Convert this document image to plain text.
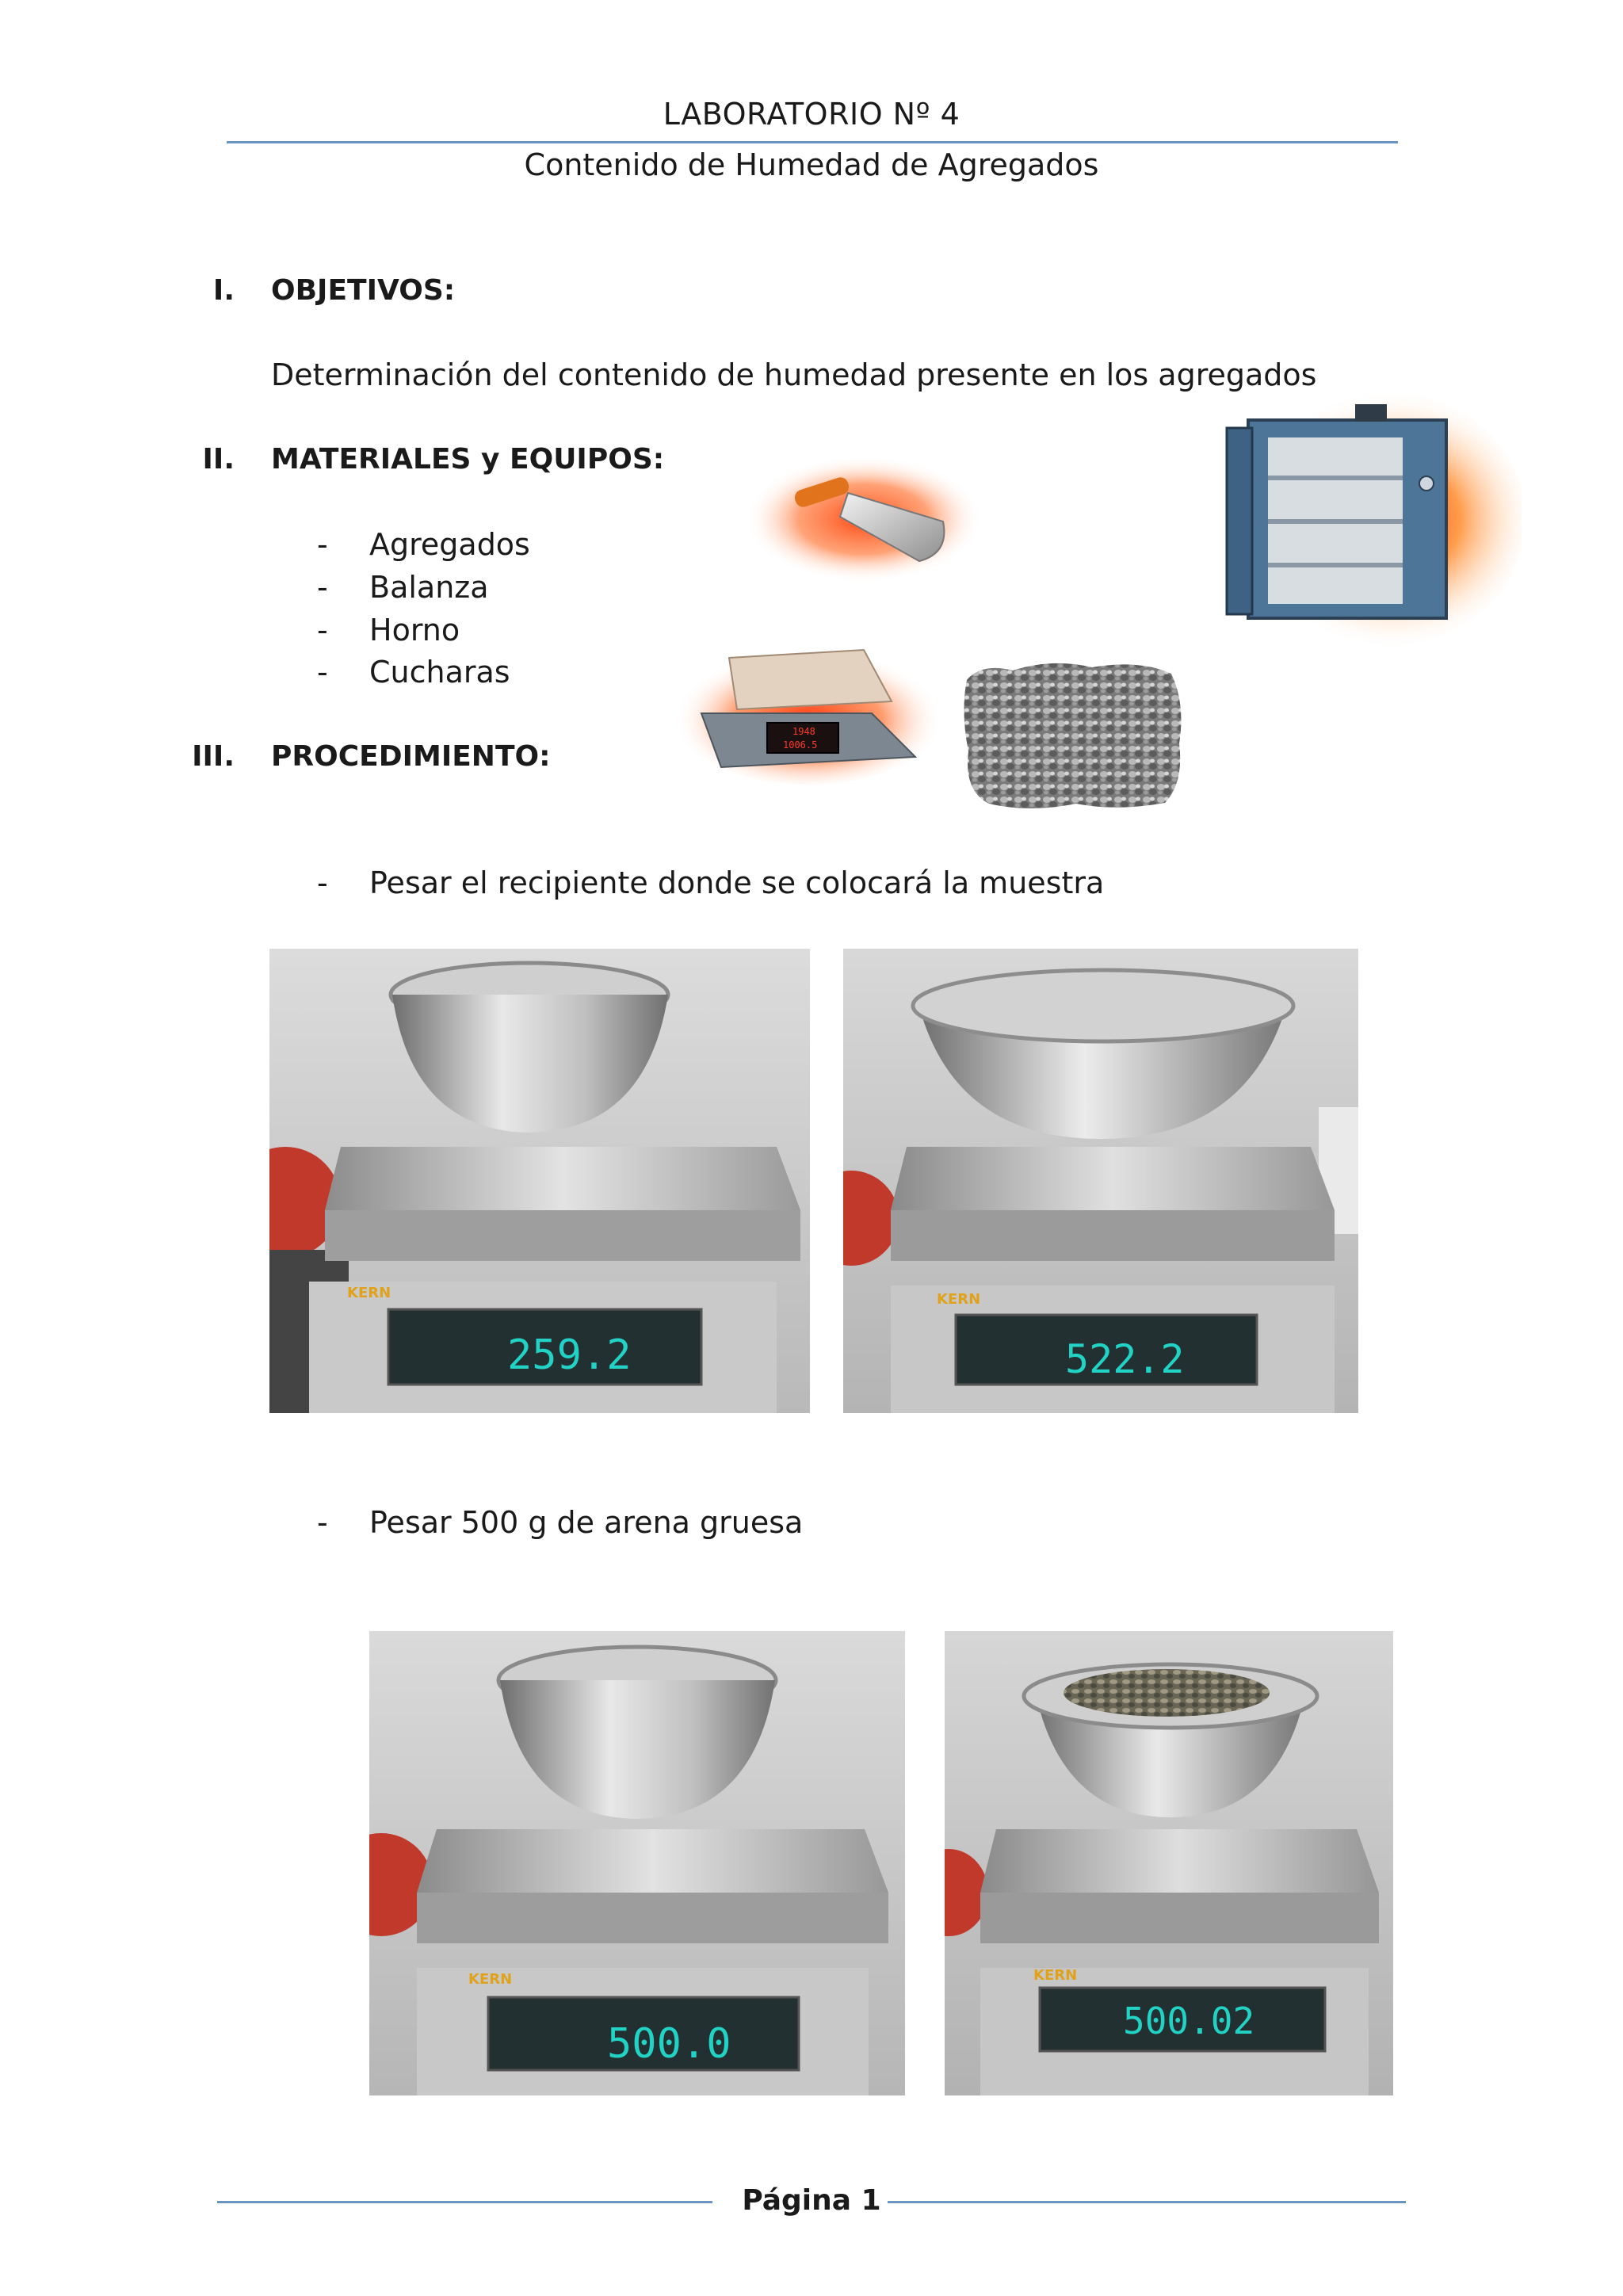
LABORATORIO Nº 4
Contenido de Humedad de Agregados
I. OBJETIVOS:
Determinación del contenido de humedad presente en los agregados
II. MATERIALES y EQUIPOS:
- Agregados
- Balanza
- Horno
- Cucharas
1948
1006.5
III. PROCEDIMIENTO:
- Pesar el recipiente donde se colocará la muestra
KERN
259.2
KERN
522.2
- Pesar 500 g de arena gruesa
KERN
500.0
KERN
500.02
Página 1
